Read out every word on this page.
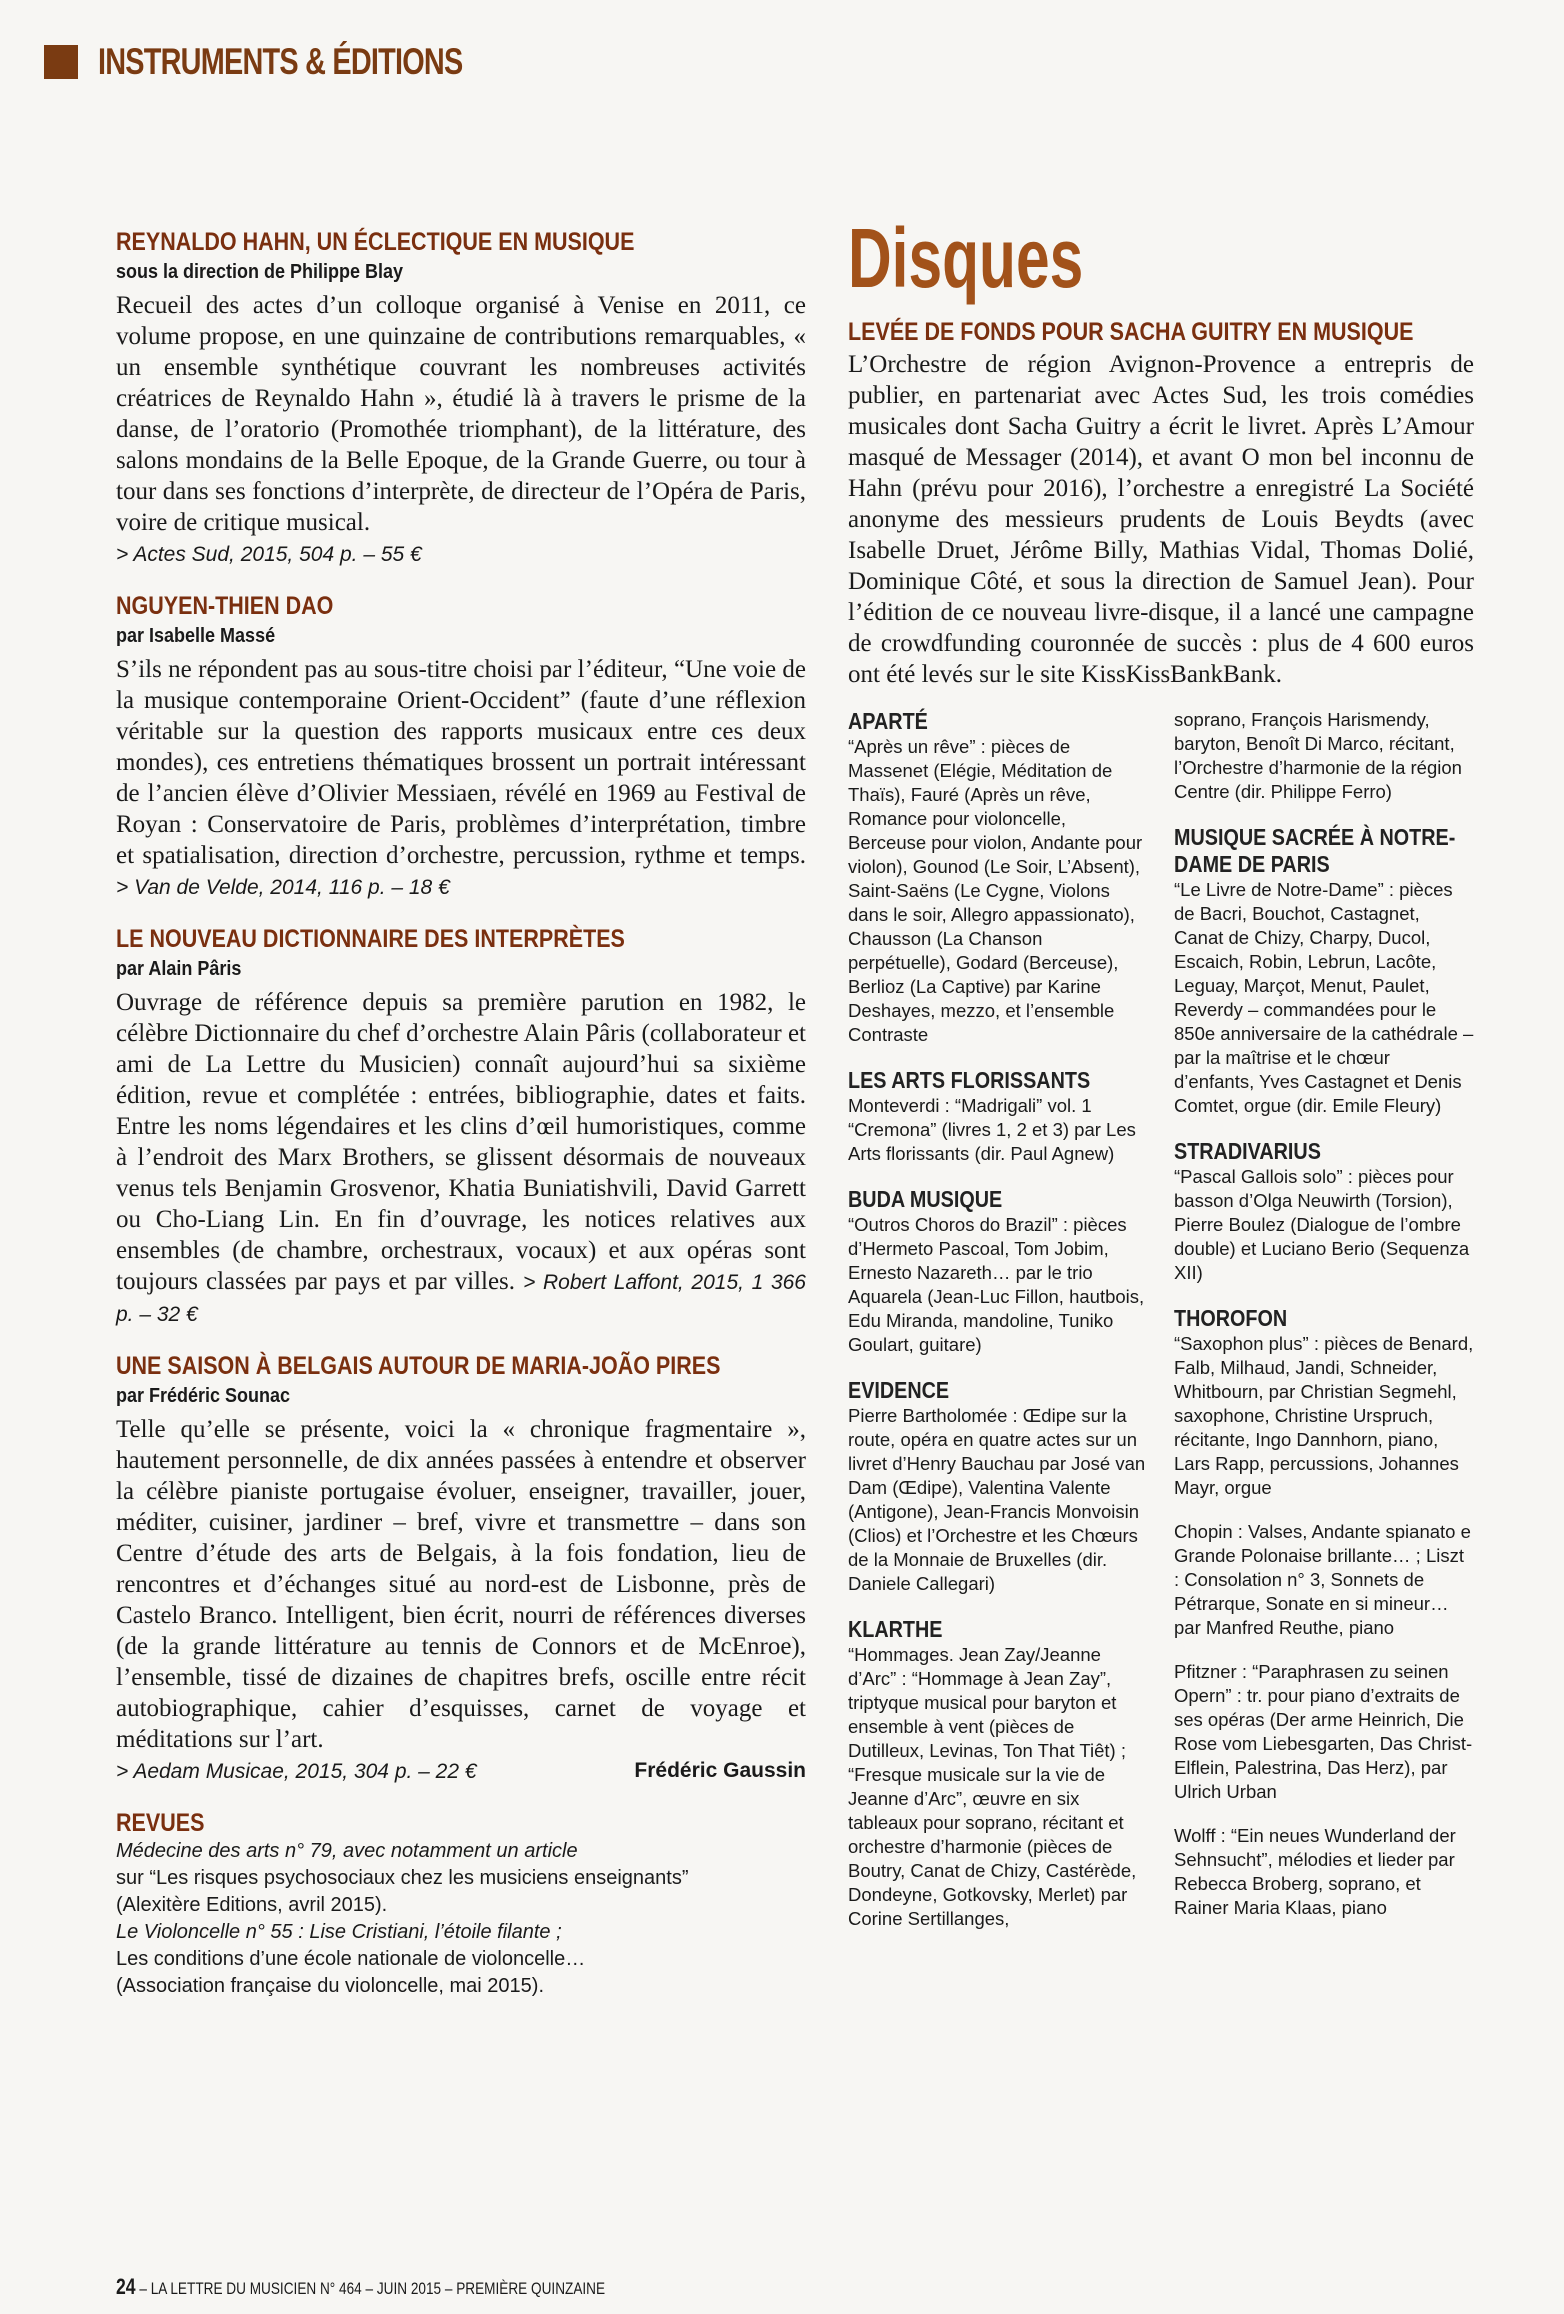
INSTRUMENTS & ÉDITIONS
REYNALDO HAHN, UN ÉCLECTIQUE EN MUSIQUE
sous la direction de Philippe Blay
Recueil des actes d’un colloque organisé à Venise en 2011, ce volume propose, en une quinzaine de contributions remarquables, « un ensemble synthétique couvrant les nombreuses activités créatrices de Reynaldo Hahn », étudié là à travers le prisme de la danse, de l’oratorio (Promothée triomphant), de la littérature, des salons mondains de la Belle Epoque, de la Grande Guerre, ou tour à tour dans ses fonctions d’interprète, de directeur de l’Opéra de Paris, voire de critique musical.
> Actes Sud, 2015, 504 p. – 55 €
NGUYEN-THIEN DAO
par Isabelle Massé
S’ils ne répondent pas au sous-titre choisi par l’éditeur, “Une voie de la musique contemporaine Orient-Occident” (faute d’une réflexion véritable sur la question des rapports musicaux entre ces deux mondes), ces entretiens thématiques brossent un portrait intéressant de l’ancien élève d’Olivier Messiaen, révélé en 1969 au Festival de Royan : Conservatoire de Paris, problèmes d’interprétation, timbre et spatialisation, direction d’orchestre, percussion, rythme et temps. > Van de Velde, 2014, 116 p. – 18 €
LE NOUVEAU DICTIONNAIRE DES INTERPRÈTES
par Alain Pâris
Ouvrage de référence depuis sa première parution en 1982, le célèbre Dictionnaire du chef d’orchestre Alain Pâris (collaborateur et ami de La Lettre du Musicien) connaît aujourd’hui sa sixième édition, revue et complétée : entrées, bibliographie, dates et faits. Entre les noms légendaires et les clins d’œil humoristiques, comme à l’endroit des Marx Brothers, se glissent désormais de nouveaux venus tels Benjamin Grosvenor, Khatia Buniatishvili, David Garrett ou Cho-Liang Lin. En fin d’ouvrage, les notices relatives aux ensembles (de chambre, orchestraux, vocaux) et aux opéras sont toujours classées par pays et par villes. > Robert Laffont, 2015, 1 366 p. – 32 €
UNE SAISON À BELGAIS AUTOUR DE MARIA-JOÃO PIRES
par Frédéric Sounac
Telle qu’elle se présente, voici la « chronique fragmentaire », hautement personnelle, de dix années passées à entendre et observer la célèbre pianiste portugaise évoluer, enseigner, travailler, jouer, méditer, cuisiner, jardiner – bref, vivre et transmettre – dans son Centre d’étude des arts de Belgais, à la fois fondation, lieu de rencontres et d’échanges situé au nord-est de Lisbonne, près de Castelo Branco. Intelligent, bien écrit, nourri de références diverses (de la grande littérature au tennis de Connors et de McEnroe), l’ensemble, tissé de dizaines de chapitres brefs, oscille entre récit autobiographique, cahier d’esquisses, carnet de voyage et méditations sur l’art.
> Aedam Musicae, 2015, 304 p. – 22 €	Frédéric Gaussin
REVUES
Médecine des arts n° 79, avec notamment un article
sur “Les risques psychosociaux chez les musiciens enseignants”
(Alexitère Editions, avril 2015).
Le Violoncelle n° 55 : Lise Cristiani, l’étoile filante ;
Les conditions d’une école nationale de violoncelle…
(Association française du violoncelle, mai 2015).
Disques
LEVÉE DE FONDS POUR SACHA GUITRY EN MUSIQUE
L’Orchestre de région Avignon-Provence a entrepris de publier, en partenariat avec Actes Sud, les trois comédies musicales dont Sacha Guitry a écrit le livret. Après L’Amour masqué de Messager (2014), et avant O mon bel inconnu de Hahn (prévu pour 2016), l’orchestre a enregistré La Société anonyme des messieurs prudents de Louis Beydts (avec Isabelle Druet, Jérôme Billy, Mathias Vidal, Thomas Dolié, Dominique Côté, et sous la direction de Samuel Jean). Pour l’édition de ce nouveau livre-disque, il a lancé une campagne de crowdfunding couronnée de succès : plus de 4 600 euros ont été levés sur le site KissKissBankBank.
APARTÉ
“Après un rêve” : pièces de Massenet (Elégie, Méditation de Thaïs), Fauré (Après un rêve, Romance pour violoncelle, Berceuse pour violon, Andante pour violon), Gounod (Le Soir, L’Absent), Saint-Saëns (Le Cygne, Violons dans le soir, Allegro appassionato), Chausson (La Chanson perpétuelle), Godard (Berceuse), Berlioz (La Captive) par Karine Deshayes, mezzo, et l’ensemble Contraste
LES ARTS FLORISSANTS
Monteverdi : “Madrigali” vol. 1 “Cremona” (livres 1, 2 et 3) par Les Arts florissants (dir. Paul Agnew)
BUDA MUSIQUE
“Outros Choros do Brazil” : pièces d’Hermeto Pascoal, Tom Jobim, Ernesto Nazareth… par le trio Aquarela (Jean-Luc Fillon, hautbois, Edu Miranda, mandoline, Tuniko Goulart, guitare)
EVIDENCE
Pierre Bartholomée : Œdipe sur la route, opéra en quatre actes sur un livret d’Henry Bauchau par José van Dam (Œdipe), Valentina Valente (Antigone), Jean-Francis Monvoisin (Clios) et l’Orchestre et les Chœurs de la Monnaie de Bruxelles (dir. Daniele Callegari)
KLARTHE
“Hommages. Jean Zay/Jeanne d’Arc” : “Hommage à Jean Zay”, triptyque musical pour baryton et ensemble à vent (pièces de Dutilleux, Levinas, Ton That Tiêt) ; “Fresque musicale sur la vie de Jeanne d’Arc”, œuvre en six tableaux pour soprano, récitant et orchestre d’harmonie (pièces de Boutry, Canat de Chizy, Castérède, Dondeyne, Gotkovsky, Merlet) par Corine Sertillanges,
soprano, François Harismendy, baryton, Benoît Di Marco, récitant, l’Orchestre d’harmonie de la région Centre (dir. Philippe Ferro)
MUSIQUE SACRÉE À NOTRE-DAME DE PARIS
“Le Livre de Notre-Dame” : pièces de Bacri, Bouchot, Castagnet, Canat de Chizy, Charpy, Ducol, Escaich, Robin, Lebrun, Lacôte, Leguay, Marçot, Menut, Paulet, Reverdy – commandées pour le 850e anniversaire de la cathédrale – par la maîtrise et le chœur d’enfants, Yves Castagnet et Denis Comtet, orgue (dir. Emile Fleury)
STRADIVARIUS
“Pascal Gallois solo” : pièces pour basson d’Olga Neuwirth (Torsion), Pierre Boulez (Dialogue de l’ombre double) et Luciano Berio (Sequenza XII)
THOROFON
“Saxophon plus” : pièces de Benard, Falb, Milhaud, Jandi, Schneider, Whitbourn, par Christian Segmehl, saxophone, Christine Urspruch, récitante, Ingo Dannhorn, piano, Lars Rapp, percussions, Johannes Mayr, orgue
Chopin : Valses, Andante spianato e Grande Polonaise brillante… ; Liszt : Consolation n° 3, Sonnets de Pétrarque, Sonate en si mineur… par Manfred Reuthe, piano
Pfitzner : “Paraphrasen zu seinen Opern” : tr. pour piano d’extraits de ses opéras (Der arme Heinrich, Die Rose vom Liebesgarten, Das Christ-Elflein, Palestrina, Das Herz), par Ulrich Urban
Wolff : “Ein neues Wunderland der Sehnsucht”, mélodies et lieder par Rebecca Broberg, soprano, et Rainer Maria Klaas, piano
24 – LA LETTRE DU MUSICIEN N° 464 – JUIN 2015 – PREMIÈRE QUINZAINE
